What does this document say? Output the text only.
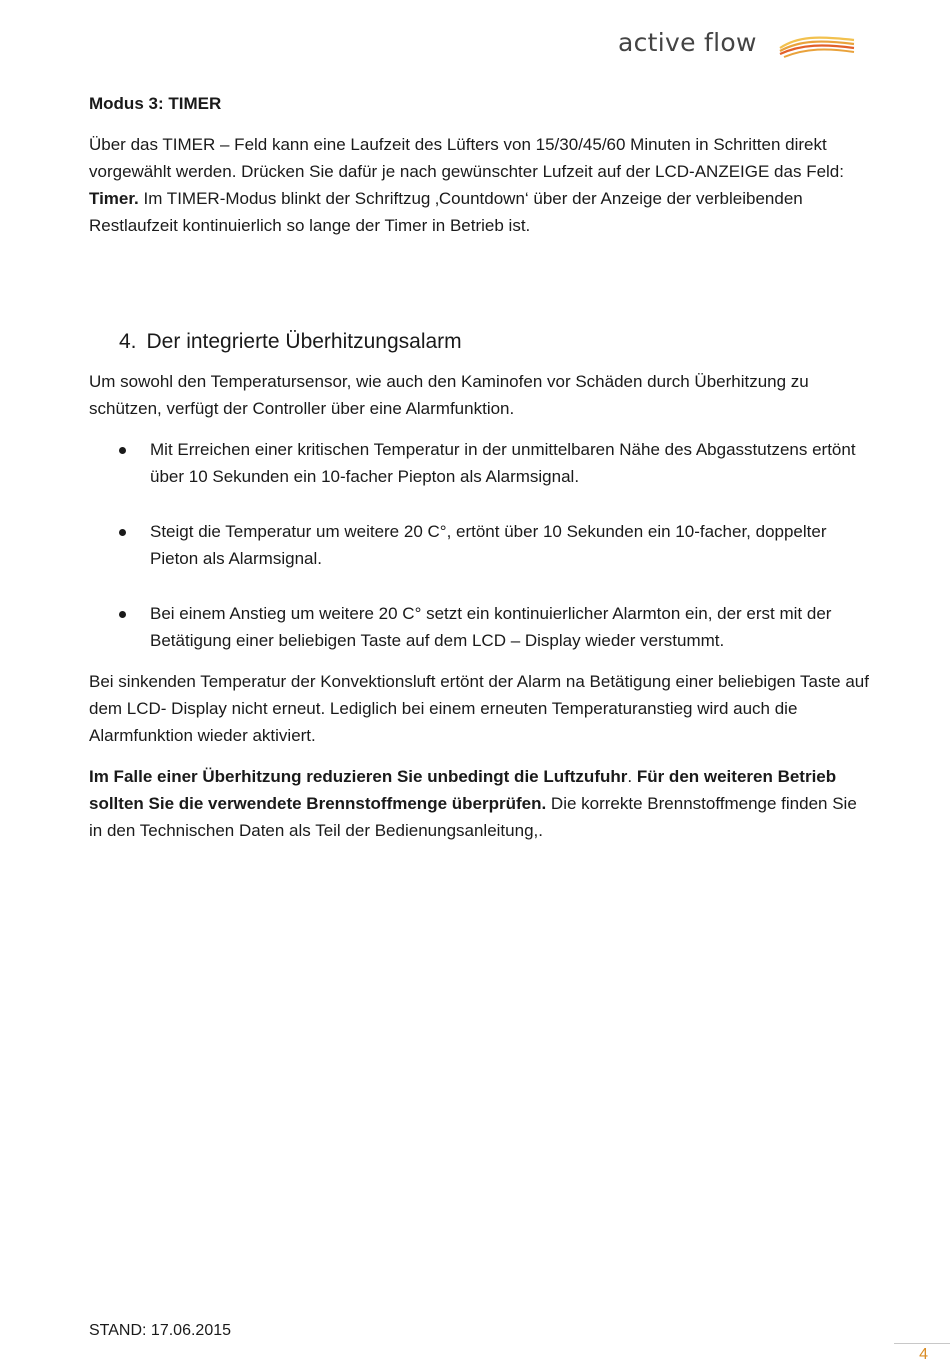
active flow
Modus 3: TIMER

Über das TIMER – Feld kann eine Laufzeit des Lüfters von 15/30/45/60 Minuten in Schritten direkt vorgewählt werden. Drücken Sie dafür je nach gewünschter Lufzeit auf der LCD-ANZEIGE das Feld: Timer. Im TIMER-Modus blinkt der Schriftzug ‚Countdown‘ über der Anzeige der verbleibenden Restlaufzeit kontinuierlich so lange der Timer in Betrieb ist.

4. Der integrierte Überhitzungsalarm

Um sowohl den Temperatursensor, wie auch den Kaminofen vor Schäden durch Überhitzung zu schützen, verfügt der Controller über eine Alarmfunktion.

Mit Erreichen einer kritischen Temperatur in der unmittelbaren Nähe des Abgasstutzens ertönt über 10 Sekunden ein 10-facher Piepton als Alarmsignal.
Steigt die Temperatur um weitere 20 C°, ertönt über 10 Sekunden ein 10-facher, doppelter Pieton als Alarmsignal.
Bei einem Anstieg um weitere 20 C° setzt ein kontinuierlicher Alarmton ein, der erst mit der Betätigung einer beliebigen Taste auf dem LCD – Display wieder verstummt.

Bei sinkenden Temperatur der Konvektionsluft ertönt der Alarm na Betätigung einer beliebigen Taste auf dem LCD- Display nicht erneut. Lediglich bei einem erneuten Temperaturanstieg wird auch die Alarmfunktion wieder aktiviert.

Im Falle einer Überhitzung reduzieren Sie unbedingt die Luftzufuhr. Für den weiteren Betrieb sollten Sie die verwendete Brennstoffmenge überprüfen. Die korrekte Brennstoffmenge finden Sie in den Technischen Daten als Teil der Bedienungsanleitung,.

STAND: 17.06.2015
4
